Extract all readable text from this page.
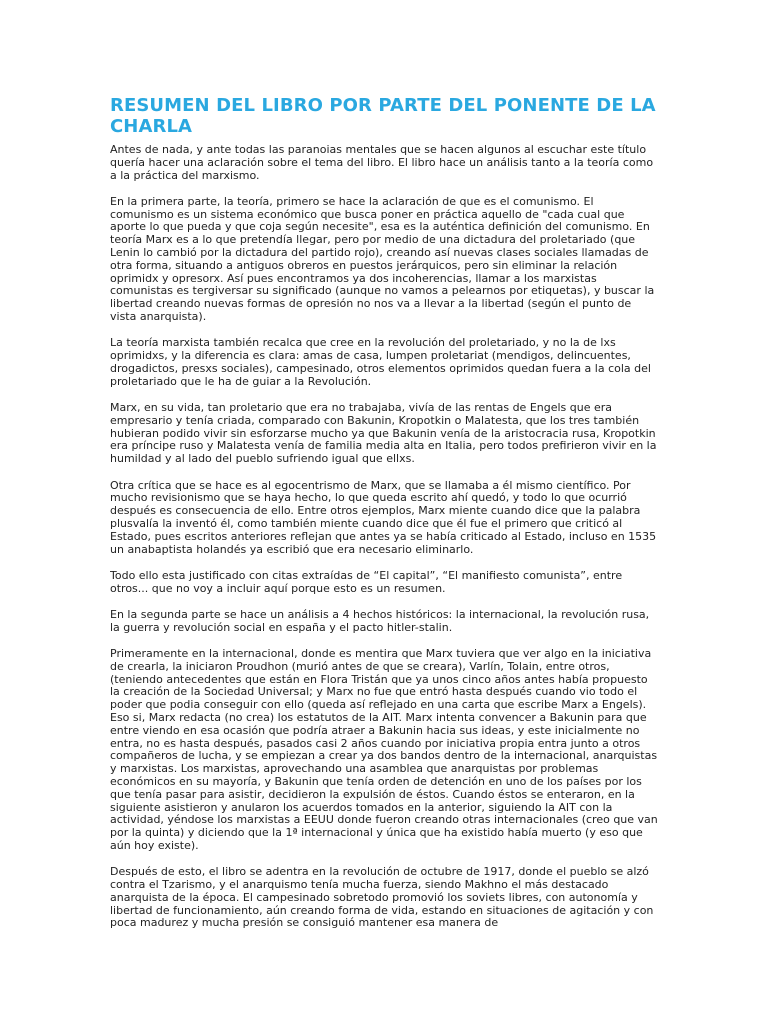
RESUMEN DEL LIBRO POR PARTE DEL PONENTE DE LA CHARLA

Antes de nada, y ante todas las paranoias mentales que se hacen algunos al escuchar este título quería hacer una aclaración sobre el tema del libro. El libro hace un análisis tanto a la teoría como a la práctica del marxismo.

En la primera parte, la teoría, primero se hace la aclaración de que es el comunismo. El comunismo es un sistema económico que busca poner en práctica aquello de "cada cual que aporte lo que pueda y que coja según necesite", esa es la auténtica definición del comunismo. En teoría Marx es a lo que pretendía llegar, pero por medio de una dictadura del proletariado (que Lenin lo cambió por la dictadura del partido rojo), creando así nuevas clases sociales llamadas de otra forma, situando a antiguos obreros en puestos jerárquicos, pero sin eliminar la relación oprimidx y opresorx. Así pues encontramos ya dos incoherencias, llamar a los marxistas comunistas es tergiversar su significado (aunque no vamos a pelearnos por etiquetas), y buscar la libertad creando nuevas formas de opresión no nos va a llevar a la libertad (según el punto de vista anarquista).

La teoría marxista también recalca que cree en la revolución del proletariado, y no la de lxs oprimidxs, y la diferencia es clara: amas de casa, lumpen proletariat (mendigos, delincuentes, drogadictos, presxs sociales), campesinado, otros elementos oprimidos quedan fuera a la cola del proletariado que le ha de guiar a la Revolución.

Marx, en su vida, tan proletario que era no trabajaba, vivía de las rentas de Engels que era empresario y tenía criada, comparado con Bakunin, Kropotkin o Malatesta, que los tres también hubieran podido vivir sin esforzarse mucho ya que Bakunin venía de la aristocracia rusa, Kropotkin era príncipe ruso y Malatesta venía de familia media alta en Italia, pero todos prefirieron vivir en la humildad y al lado del pueblo sufriendo igual que ellxs.

Otra crítica que se hace es al egocentrismo de Marx, que se llamaba a él mismo científico. Por mucho revisionismo que se haya hecho, lo que queda escrito ahí quedó, y todo lo que ocurrió después es consecuencia de ello. Entre otros ejemplos, Marx miente cuando dice que la palabra plusvalía la inventó él, como también miente cuando dice que él fue el primero que criticó al Estado, pues escritos anteriores reflejan que antes ya se había criticado al Estado, incluso en 1535 un anabaptista holandés ya escribió que era necesario eliminarlo.

Todo ello esta justificado con citas extraídas de “El capital”, “El manifiesto comunista”, entre otros... que no voy a incluir aquí porque esto es un resumen.

En la segunda parte se hace un análisis a 4 hechos históricos: la internacional, la revolución rusa, la guerra y revolución social en españa y el pacto hitler-stalin.

Primeramente en la internacional, donde es mentira que Marx tuviera que ver algo en la iniciativa de crearla, la iniciaron Proudhon (murió antes de que se creara), Varlín, Tolain, entre otros, (teniendo antecedentes que están en Flora Tristán que ya unos cinco años antes había propuesto la creación de la Sociedad Universal; y Marx no fue que entró hasta después cuando vio todo el poder que podia conseguir con ello (queda así reflejado en una carta que escribe Marx a Engels). Eso si, Marx redacta (no crea) los estatutos de la AIT. Marx intenta convencer a Bakunin para que entre viendo en esa ocasión que podría atraer a Bakunin hacia sus ideas, y este inicialmente no entra, no es hasta después, pasados casi 2 años cuando por iniciativa propia entra junto a otros compañeros de lucha, y se empiezan a crear ya dos bandos dentro de la internacional, anarquistas y marxistas. Los marxistas, aprovechando una asamblea que anarquistas por problemas económicos en su mayoría, y Bakunin que tenía orden de detención en uno de los países por los que tenía pasar para asistir, decidieron la expulsión de éstos. Cuando éstos se enteraron, en la siguiente asistieron y anularon los acuerdos tomados en la anterior, siguiendo la AIT con la actividad, yéndose los marxistas a EEUU donde fueron creando otras internacionales (creo que van por la quinta) y diciendo que la 1ª internacional y única que ha existido había muerto (y eso que aún hoy existe).

Después de esto, el libro se adentra en la revolución de octubre de 1917, donde el pueblo se alzó contra el Tzarismo, y el anarquismo tenía mucha fuerza, siendo Makhno el más destacado anarquista de la época. El campesinado sobretodo promovió los soviets libres, con autonomía y libertad de funcionamiento, aún creando forma de vida, estando en situaciones de agitación y con poca madurez y mucha presión se consiguió mantener esa manera de
